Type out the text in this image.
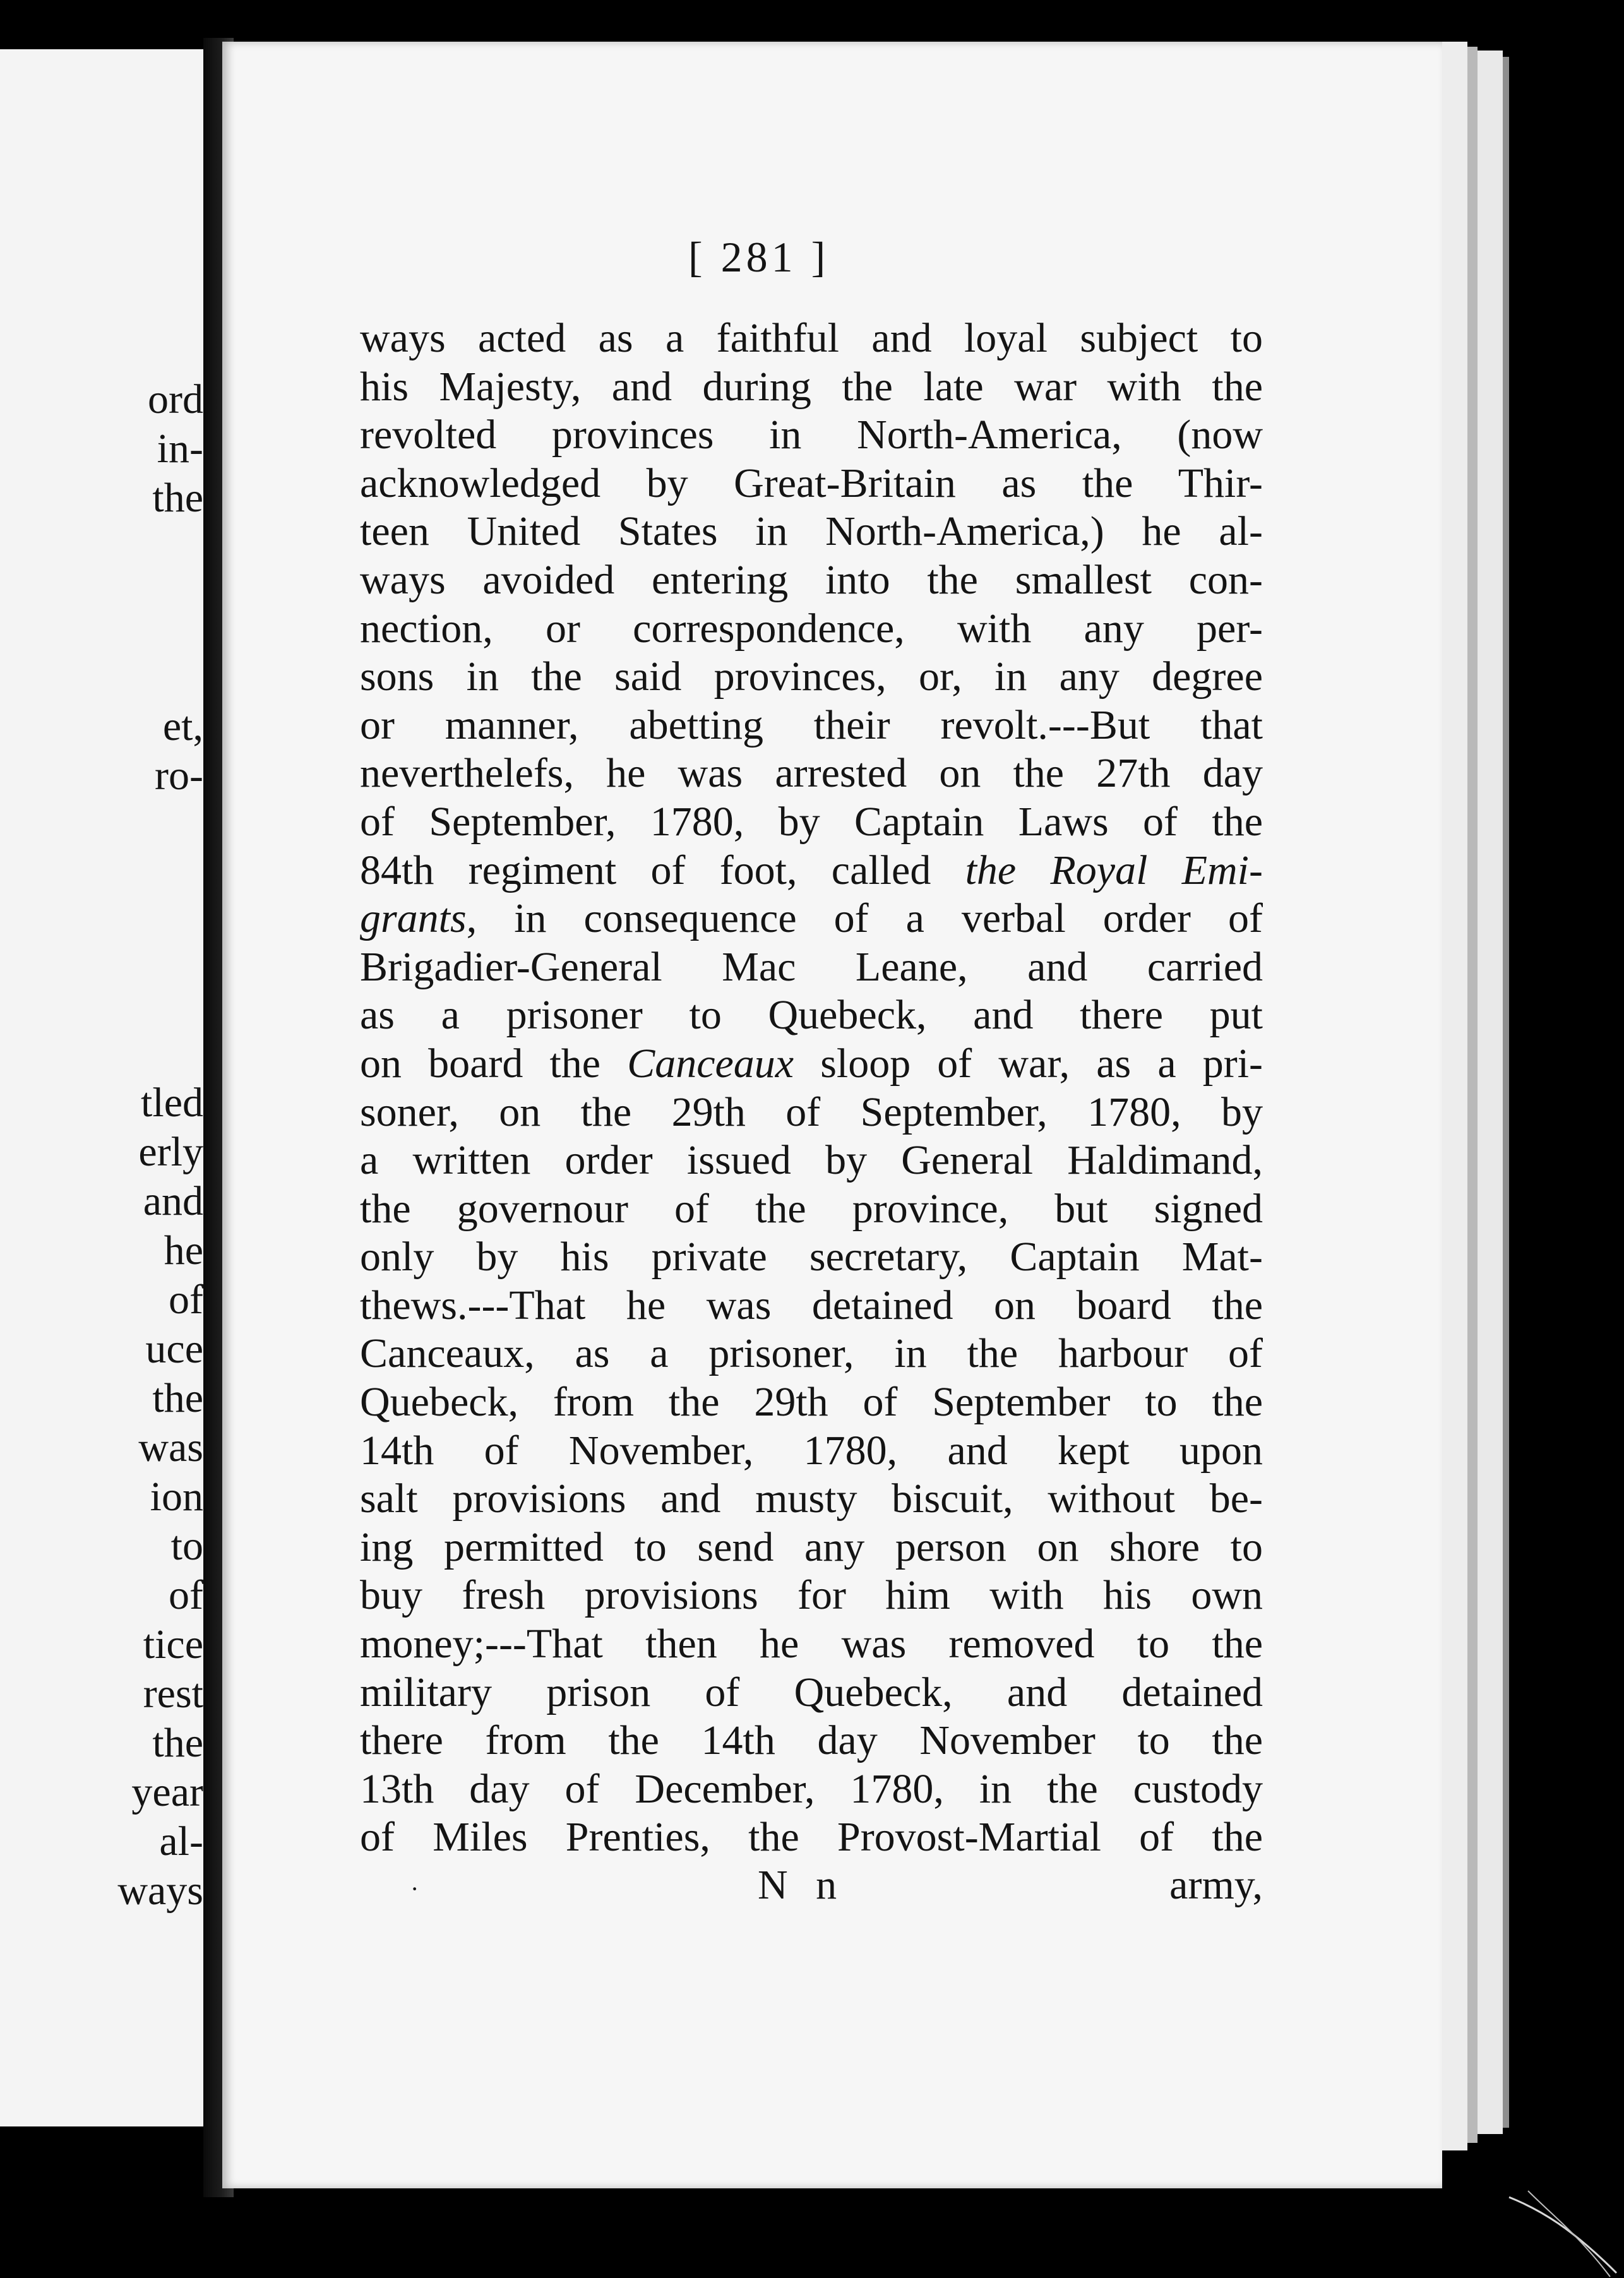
ord
in-
the
et,
ro-
tled
erly
and
he
of
uce
the
was
ion
to
of
tice
rest
the
year
al-
ways
[ 281 ]
ways acted as a faithful and loyal subject to
his Majesty, and during the late war with the
revolted provinces in North-America, (now
acknowledged by Great-Britain as the Thir-
teen United States in North-America,) he al-
ways avoided entering into the smallest con-
nection, or correspondence, with any per-
sons in the said provinces, or, in any degree
or manner, abetting their revolt.---But that
neverthelefs, he was arrested on the 27th day
of September, 1780, by Captain Laws of the
84th regiment of foot, called the Royal Emi-
grants, in consequence of a verbal order of
Brigadier-General Mac Leane, and carried
as a prisoner to Quebeck, and there put
on board the Canceaux sloop of war, as a pri-
soner, on the 29th of September, 1780, by
a written order issued by General Haldimand,
the governour of the province, but signed
only by his private secretary, Captain Mat-
thews.---That he was detained on board the
Canceaux, as a prisoner, in the harbour of
Quebeck, from the 29th of September to the
14th of November, 1780, and kept upon
salt provisions and musty biscuit, without be-
ing permitted to send any person on shore to
buy fresh provisions for him with his own
money;---That then he was removed to the
military prison of Quebeck, and detained
there from the 14th day November to the
13th day of December, 1780, in the custody
of Miles Prenties, the Provost-Martial of the
·	N n	army,
